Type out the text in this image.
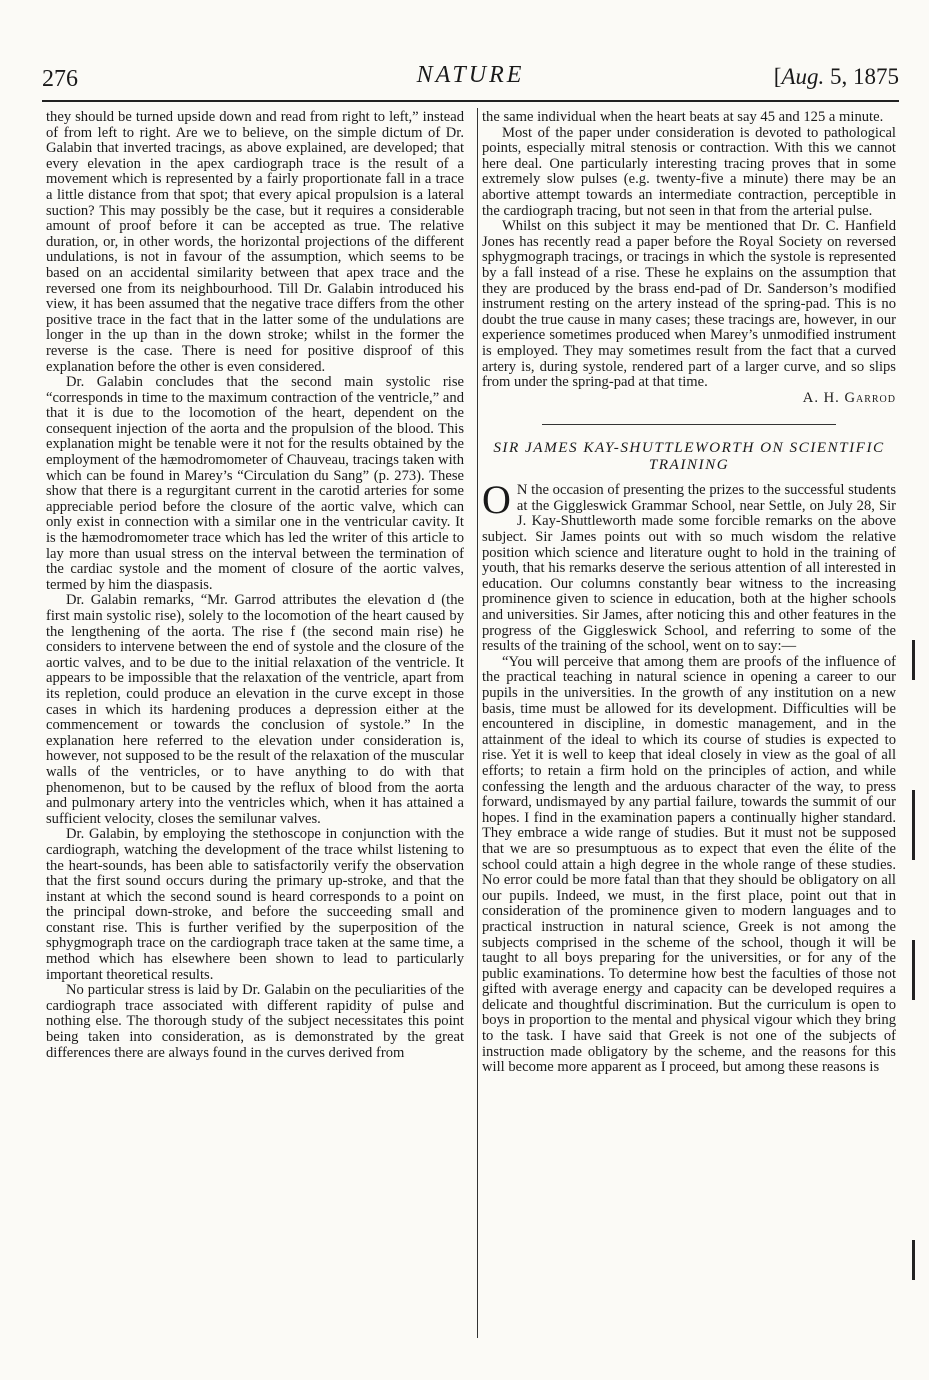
276	NATURE	[Aug. 5, 1875

they should be turned upside down and read from right to left,” instead of from left to right. Are we to believe, on the simple dictum of Dr. Galabin that inverted tracings, as above explained, are developed; that every elevation in the apex cardiograph trace is the result of a movement which is represented by a fairly proportionate fall in a trace a little distance from that spot; that every apical propulsion is a lateral suction? This may possibly be the case, but it requires a considerable amount of proof before it can be accepted as true. The relative duration, or, in other words, the horizontal projections of the different undulations, is not in favour of the assumption, which seems to be based on an accidental similarity between that apex trace and the reversed one from its neighbourhood. Till Dr. Galabin introduced his view, it has been assumed that the negative trace differs from the other positive trace in the fact that in the latter some of the undulations are longer in the up than in the down stroke; whilst in the former the reverse is the case. There is need for positive disproof of this explanation before the other is even considered.

Dr. Galabin concludes that the second main systolic rise “corresponds in time to the maximum contraction of the ventricle,” and that it is due to the locomotion of the heart, dependent on the consequent injection of the aorta and the propulsion of the blood. This explanation might be tenable were it not for the results obtained by the employment of the hæmodromometer of Chauveau, tracings taken with which can be found in Marey’s “Circulation du Sang” (p. 273). These show that there is a regurgitant current in the carotid arteries for some appreciable period before the closure of the aortic valve, which can only exist in connection with a similar one in the ventricular cavity. It is the hæmodromometer trace which has led the writer of this article to lay more than usual stress on the interval between the termination of the cardiac systole and the moment of closure of the aortic valves, termed by him the diaspasis.

Dr. Galabin remarks, “Mr. Garrod attributes the elevation d (the first main systolic rise), solely to the locomotion of the heart caused by the lengthening of the aorta. The rise f (the second main rise) he considers to intervene between the end of systole and the closure of the aortic valves, and to be due to the initial relaxation of the ventricle. It appears to be impossible that the relaxation of the ventricle, apart from its repletion, could produce an elevation in the curve except in those cases in which its hardening produces a depression either at the commencement or towards the conclusion of systole.” In the explanation here referred to the elevation under consideration is, however, not supposed to be the result of the relaxation of the muscular walls of the ventricles, or to have anything to do with that phenomenon, but to be caused by the reflux of blood from the aorta and pulmonary artery into the ventricles which, when it has attained a sufficient velocity, closes the semilunar valves.

Dr. Galabin, by employing the stethoscope in conjunction with the cardiograph, watching the development of the trace whilst listening to the heart-sounds, has been able to satisfactorily verify the observation that the first sound occurs during the primary up-stroke, and that the instant at which the second sound is heard corresponds to a point on the principal down-stroke, and before the succeeding small and constant rise. This is further verified by the superposition of the sphygmograph trace on the cardiograph trace taken at the same time, a method which has elsewhere been shown to lead to particularly important theoretical results.

No particular stress is laid by Dr. Galabin on the peculiarities of the cardiograph trace associated with different rapidity of pulse and nothing else. The thorough study of the subject necessitates this point being taken into consideration, as is demonstrated by the great differences there are always found in the curves derived from

the same individual when the heart beats at say 45 and 125 a minute.

Most of the paper under consideration is devoted to pathological points, especially mitral stenosis or contraction. With this we cannot here deal. One particularly interesting tracing proves that in some extremely slow pulses (e.g. twenty-five a minute) there may be an abortive attempt towards an intermediate contraction, perceptible in the cardiograph tracing, but not seen in that from the arterial pulse.

Whilst on this subject it may be mentioned that Dr. C. Hanfield Jones has recently read a paper before the Royal Society on reversed sphygmograph tracings, or tracings in which the systole is represented by a fall instead of a rise. These he explains on the assumption that they are produced by the brass end-pad of Dr. Sanderson’s modified instrument resting on the artery instead of the spring-pad. This is no doubt the true cause in many cases; these tracings are, however, in our experience sometimes produced when Marey’s unmodified instrument is employed. They may sometimes result from the fact that a curved artery is, during systole, rendered part of a larger curve, and so slips from under the spring-pad at that time.

A. H. Garrod

SIR JAMES KAY-SHUTTLEWORTH ON SCIENTIFIC TRAINING

O N the occasion of presenting the prizes to the successful students at the Giggleswick Grammar School, near Settle, on July 28, Sir J. Kay-Shuttleworth made some forcible remarks on the above subject. Sir James points out with so much wisdom the relative position which science and literature ought to hold in the training of youth, that his remarks deserve the serious attention of all interested in education. Our columns constantly bear witness to the increasing prominence given to science in education, both at the higher schools and universities. Sir James, after noticing this and other features in the progress of the Giggleswick School, and referring to some of the results of the training of the school, went on to say:—

“You will perceive that among them are proofs of the influence of the practical teaching in natural science in opening a career to our pupils in the universities. In the growth of any institution on a new basis, time must be allowed for its development. Difficulties will be encountered in discipline, in domestic management, and in the attainment of the ideal to which its course of studies is expected to rise. Yet it is well to keep that ideal closely in view as the goal of all efforts; to retain a firm hold on the principles of action, and while confessing the length and the arduous character of the way, to press forward, undismayed by any partial failure, towards the summit of our hopes. I find in the examination papers a continually higher standard. They embrace a wide range of studies. But it must not be supposed that we are so presumptuous as to expect that even the élite of the school could attain a high degree in the whole range of these studies. No error could be more fatal than that they should be obligatory on all our pupils. Indeed, we must, in the first place, point out that in consideration of the prominence given to modern languages and to practical instruction in natural science, Greek is not among the subjects comprised in the scheme of the school, though it will be taught to all boys preparing for the universities, or for any of the public examinations. To determine how best the faculties of those not gifted with average energy and capacity can be developed requires a delicate and thoughtful discrimination. But the curriculum is open to boys in proportion to the mental and physical vigour which they bring to the task. I have said that Greek is not one of the subjects of instruction made obligatory by the scheme, and the reasons for this will become more apparent as I proceed, but among these reasons is
